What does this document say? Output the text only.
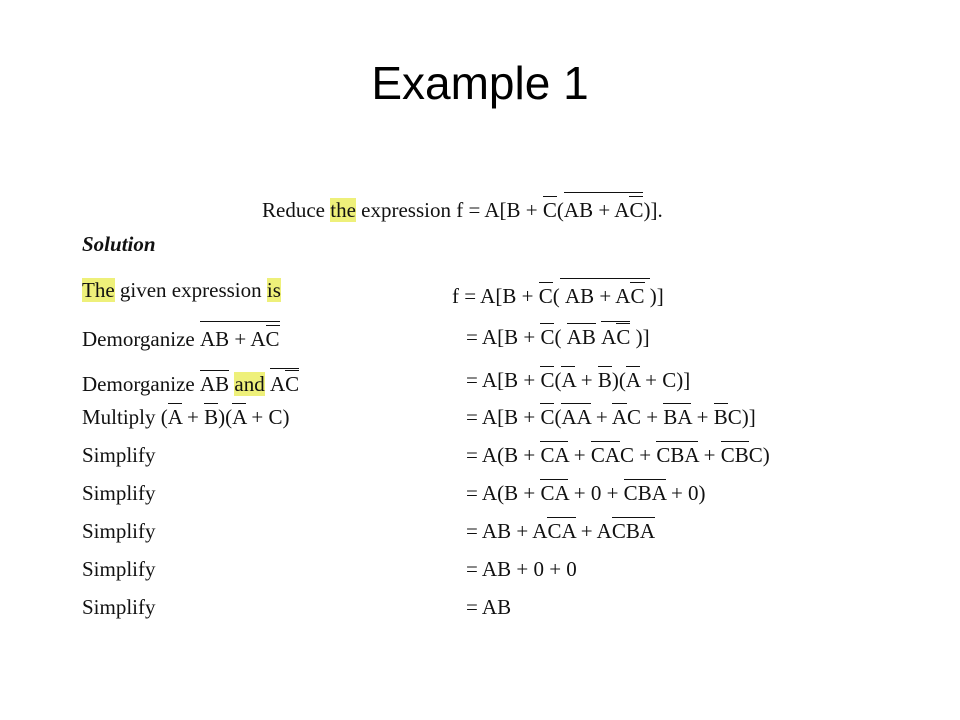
Example 1
Reduce the expression f = A[B + C(AB + AC)].
Solution
The given expression is
Demorganize AB + AC
Demorganize AB and AC
Multiply (A + B)(A + C)
Simplify
Simplify
Simplify
Simplify
Simplify
f = A[B + C( AB + AC )]
= A[B + C( AB AC )]
= A[B + C(A + B)(A + C)]
= A[B + C(AA + AC + BA + BC)]
= A(B + CA + CAC + CBA + CBC)
= A(B + CA + 0 + CBA + 0)
= AB + ACA + ACBA
= AB + 0 + 0
= AB
